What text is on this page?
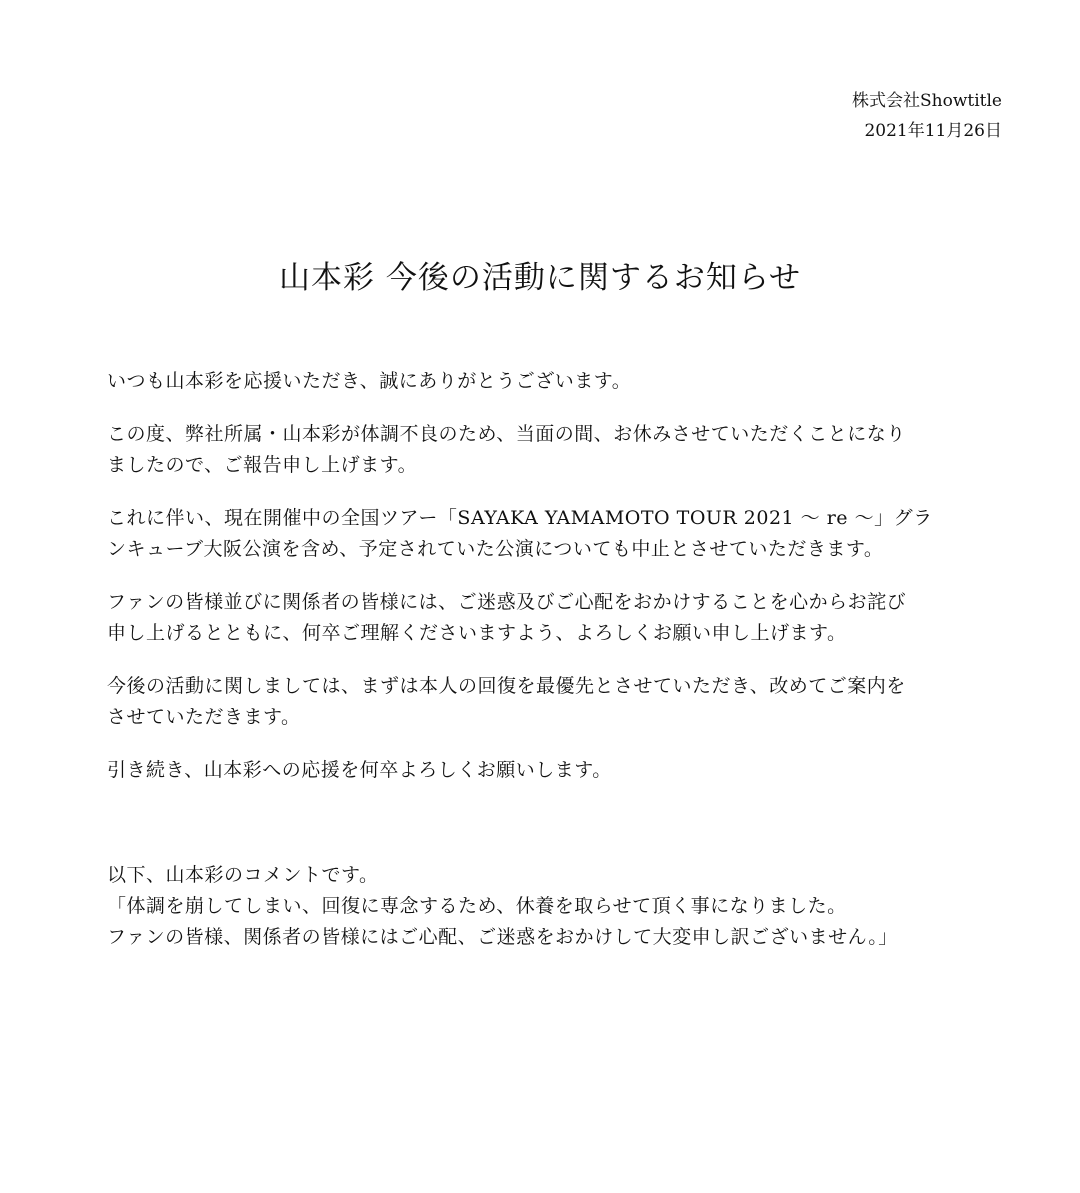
株式会社Showtitle
2021年11月26日
山本彩 今後の活動に関するお知らせ

いつも山本彩を応援いただき、誠にありがとうございます。

この度、弊社所属・山本彩が体調不良のため、当面の間、お休みさせていただくことになり
ましたので、ご報告申し上げます。

これに伴い、現在開催中の全国ツアー「SAYAKA YAMAMOTO TOUR 2021 〜 re 〜」グラ
ンキューブ大阪公演を含め、予定されていた公演についても中止とさせていただきます。

ファンの皆様並びに関係者の皆様には、ご迷惑及びご心配をおかけすることを心からお詫び
申し上げるとともに、何卒ご理解くださいますよう、よろしくお願い申し上げます。

今後の活動に関しましては、まずは本人の回復を最優先とさせていただき、改めてご案内を
させていただきます。

引き続き、山本彩への応援を何卒よろしくお願いします。

以下、山本彩のコメントです。
「体調を崩してしまい、回復に専念するため、休養を取らせて頂く事になりました。
ファンの皆様、関係者の皆様にはご心配、ご迷惑をおかけして大変申し訳ございません。」
